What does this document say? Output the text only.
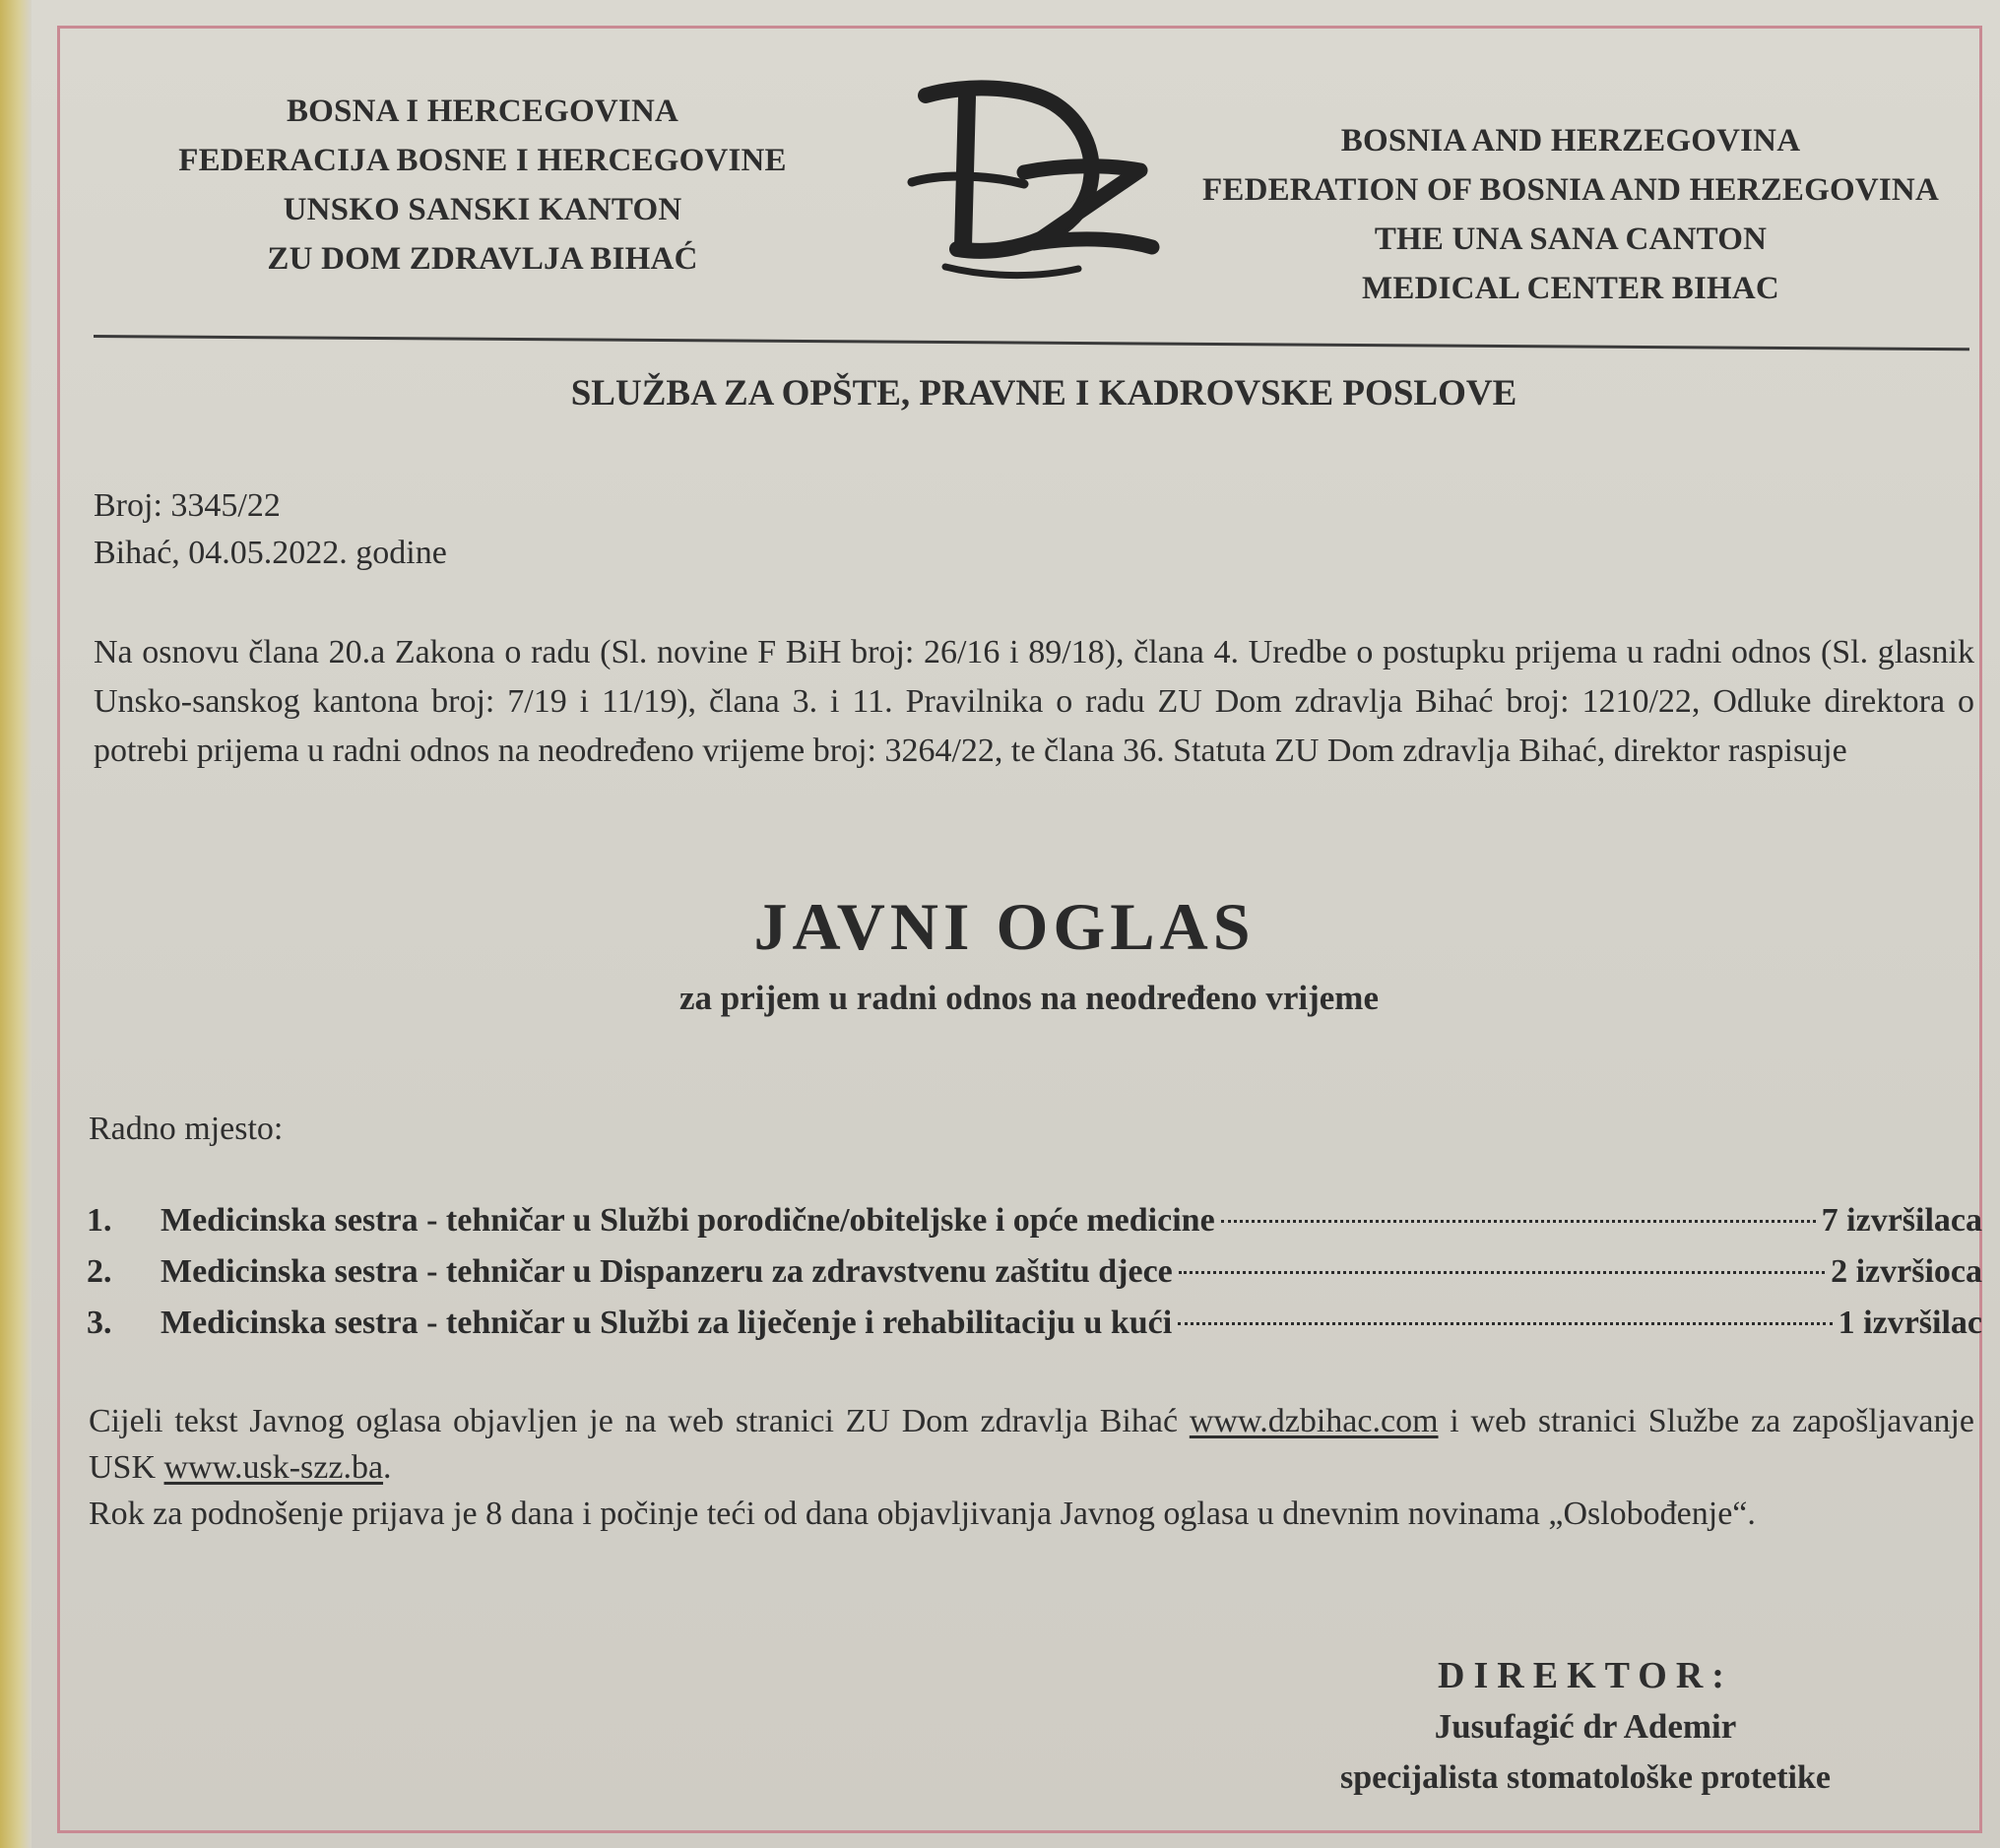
BOSNA I HERCEGOVINA
FEDERACIJA BOSNE I HERCEGOVINE
UNSKO SANSKI KANTON
ZU DOM ZDRAVLJA BIHAĆ
BOSNIA AND HERZEGOVINA
FEDERATION OF BOSNIA AND HERZEGOVINA
THE UNA SANA CANTON
MEDICAL CENTER BIHAC
SLUŽBA ZA OPŠTE, PRAVNE I KADROVSKE POSLOVE
Broj: 3345/22
Bihać, 04.05.2022. godine
Na osnovu člana 20.a Zakona o radu (Sl. novine F BiH broj: 26/16 i 89/18), člana 4. Uredbe o postupku prijema u radni odnos (Sl. glasnik Unsko-sanskog kantona broj: 7/19 i 11/19), člana 3. i 11. Pravilnika o radu ZU Dom zdravlja Bihać broj: 1210/22, Odluke direktora o potrebi prijema u radni odnos na neodređeno vrijeme broj: 3264/22, te člana 36. Statuta ZU Dom zdravlja Bihać, direktor raspisuje
JAVNI OGLAS
za prijem u radni odnos na neodređeno vrijeme
Radno mjesto:
1.	Medicinska sestra - tehničar u Službi porodične/obiteljske i opće medicine	7 izvršilaca
2.	Medicinska sestra - tehničar u Dispanzeru za zdravstvenu zaštitu djece	2 izvršioca
3.	Medicinska sestra - tehničar u Službi za liječenje i rehabilitaciju u kući	1 izvršilac
Cijeli tekst Javnog oglasa objavljen je na web stranici ZU Dom zdravlja Bihać www.dzbihac.com i web stranici Službe za zapošljavanje USK www.usk-szz.ba.
Rok za podnošenje prijava je 8 dana i počinje teći od dana objavljivanja Javnog oglasa u dnevnim novinama „Oslobođenje“.
DIREKTOR:
Jusufagić dr Ademir
specijalista stomatološke protetike
